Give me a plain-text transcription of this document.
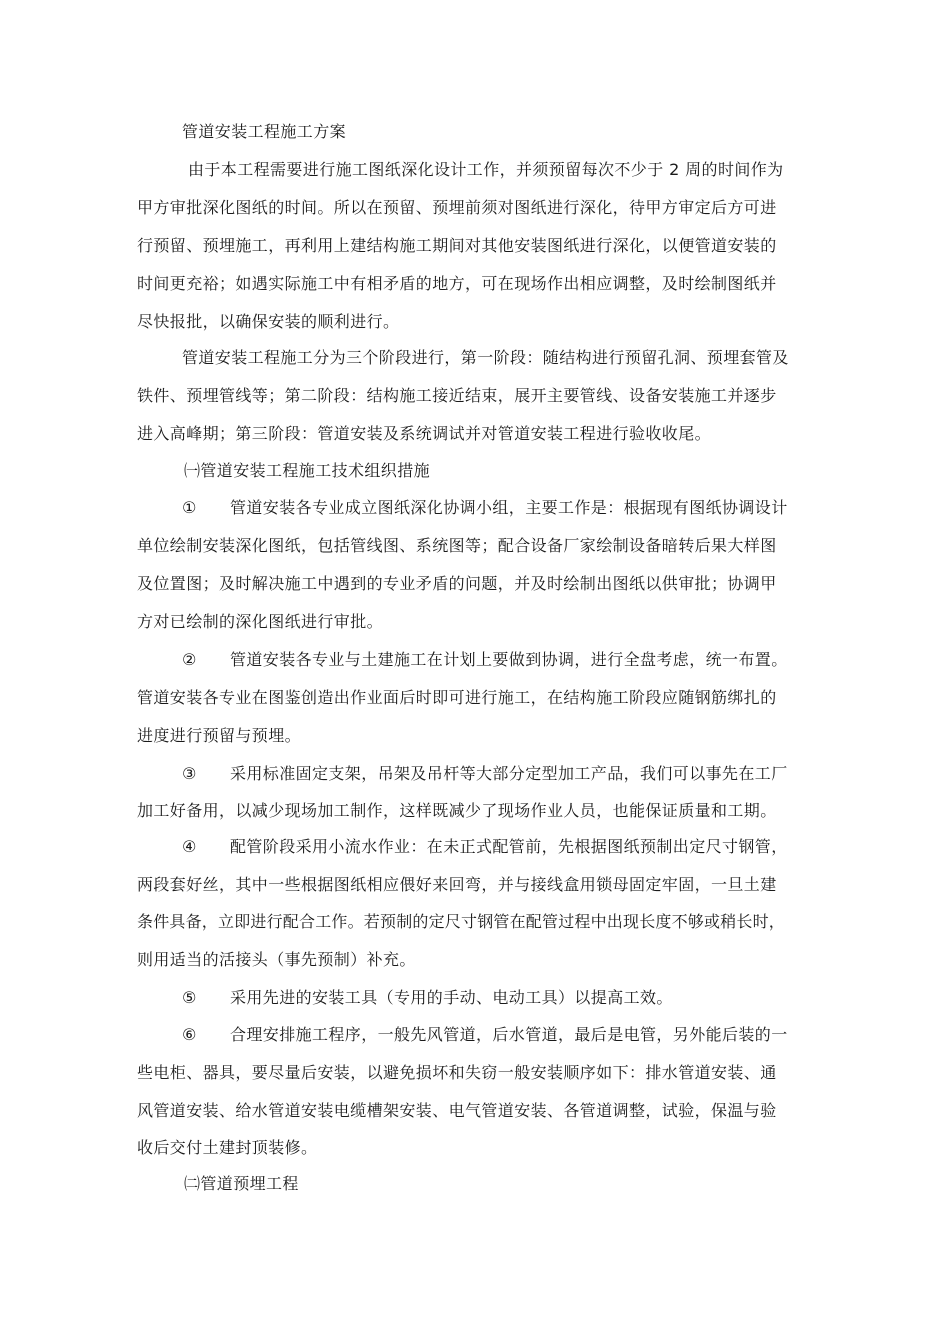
管道安装工程施工方案
由于本工程需要进行施工图纸深化设计工作，并须预留每次不少于 2 周的时间作为
甲方审批深化图纸的时间。所以在预留、预埋前须对图纸进行深化，待甲方审定后方可进
行预留、预埋施工，再利用上建结构施工期间对其他安装图纸进行深化，以便管道安装的
时间更充裕；如遇实际施工中有相矛盾的地方，可在现场作出相应调整，及时绘制图纸并
尽快报批，以确保安装的顺利进行。
管道安装工程施工分为三个阶段进行，第一阶段：随结构进行预留孔洞、预埋套管及
铁件、预埋管线等；第二阶段：结构施工接近结束，展开主要管线、设备安装施工并逐步
进入高峰期；第三阶段：管道安装及系统调试并对管道安装工程进行验收收尾。
㈠管道安装工程施工技术组织措施
① 管道安装各专业成立图纸深化协调小组，主要工作是：根据现有图纸协调设计
单位绘制安装深化图纸，包括管线图、系统图等；配合设备厂家绘制设备暗转后果大样图
及位置图；及时解决施工中遇到的专业矛盾的问题，并及时绘制出图纸以供审批；协调甲
方对已绘制的深化图纸进行审批。
② 管道安装各专业与土建施工在计划上要做到协调，进行全盘考虑，统一布置。
管道安装各专业在图鉴创造出作业面后时即可进行施工，在结构施工阶段应随钢筋绑扎的
进度进行预留与预埋。
③ 采用标准固定支架，吊架及吊杆等大部分定型加工产品，我们可以事先在工厂
加工好备用，以减少现场加工制作，这样既减少了现场作业人员，也能保证质量和工期。
④ 配管阶段采用小流水作业：在未正式配管前，先根据图纸预制出定尺寸钢管，
两段套好丝，其中一些根据图纸相应偎好来回弯，并与接线盒用锁母固定牢固，一旦土建
条件具备，立即进行配合工作。若预制的定尺寸钢管在配管过程中出现长度不够或稍长时，
则用适当的活接头（事先预制）补充。
⑤ 采用先进的安装工具（专用的手动、电动工具）以提高工效。
⑥ 合理安排施工程序，一般先风管道，后水管道，最后是电管，另外能后装的一
些电柜、器具，要尽量后安装，以避免损坏和失窃一般安装顺序如下：排水管道安装、通
风管道安装、给水管道安装电缆槽架安装、电气管道安装、各管道调整，试验，保温与验
收后交付土建封顶装修。
㈡管道预埋工程
